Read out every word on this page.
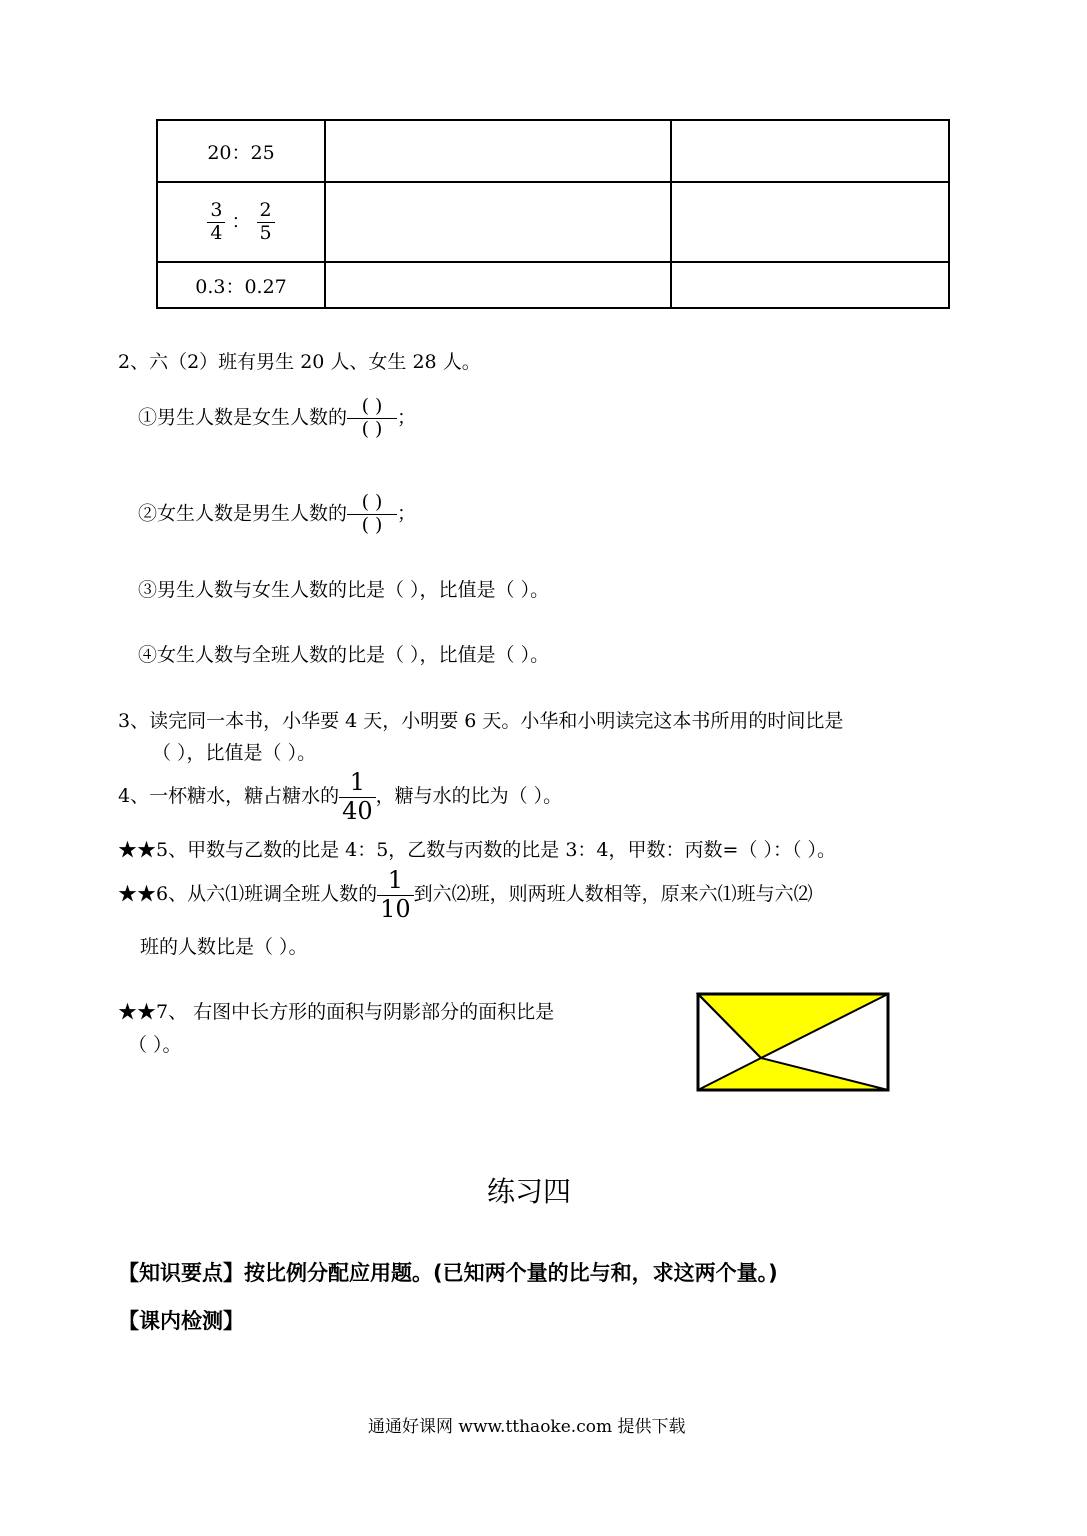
20：25		

$\frac{3}{4}$ ： $\frac{2}{5}$

0.3：0.27		
2、六（2）班有男生 20 人、女生 28 人。
①男生人数是女生人数的 $\frac{( )}{( )}$ ；
②女生人数是男生人数的 $\frac{( )}{( )}$ ；
③男生人数与女生人数的比是（ ），比值是（ ）。
④女生人数与全班人数的比是（ ），比值是（ ）。
3、读完同一本书，小华要 4 天，小明要 6 天。小华和小明读完这本书所用的时间比是
（ ），比值是（ ）。
4、一杯糖水，糖占糖水的 $\frac{1}{40}$ ，糖与水的比为（ ）。
★★5、甲数与乙数的比是 4：5，乙数与丙数的比是 3：4，甲数：丙数=（ ）：（ ）。
★★6、从六⑴班调全班人数的 $\frac{1}{10}$ 到六⑵班，则两班人数相等，原来六⑴班与六⑵
班的人数比是（ ）。
★★7、 右图中长方形的面积与阴影部分的面积比是
（ ）。
练习四
【知识要点】按比例分配应用题。(已知两个量的比与和，求这两个量。)
【课内检测】
通通好课网 www.tthaoke.com 提供下载
